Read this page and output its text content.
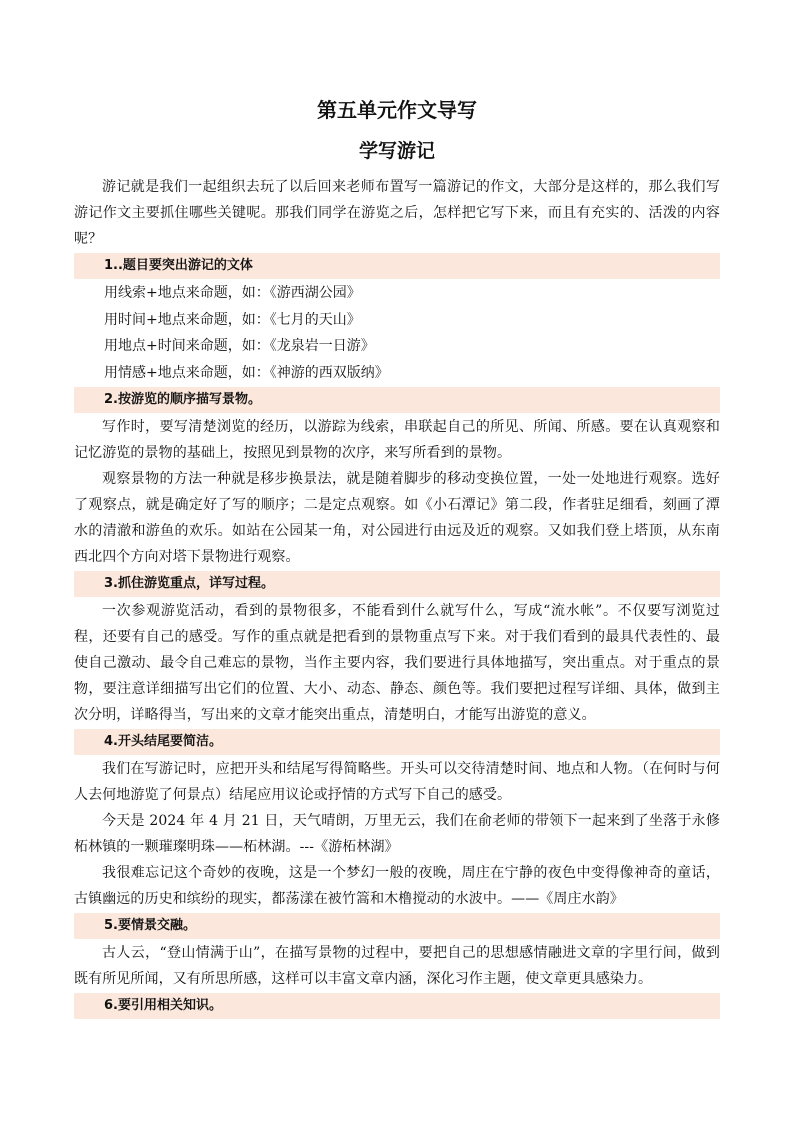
第五单元作文导写
学写游记

游记就是我们一起组织去玩了以后回来老师布置写一篇游记的作文，大部分是这样的，那么我们写游记作文主要抓住哪些关键呢。那我们同学在游览之后，怎样把它写下来，而且有充实的、活泼的内容呢？

1..题目要突出游记的文体

用线索+地点来命题，如：《游西湖公园》

用时间+地点来命题，如：《七月的天山》

用地点+时间来命题，如：《龙泉岩一日游》

用情感+地点来命题，如：《神游的西双版纳》

2.按游览的顺序描写景物。

写作时，要写清楚浏览的经历，以游踪为线索，串联起自己的所见、所闻、所感。要在认真观察和记忆游览的景物的基础上，按照见到景物的次序，来写所看到的景物。

观察景物的方法一种就是移步换景法，就是随着脚步的移动变换位置，一处一处地进行观察。选好了观察点，就是确定好了写的顺序；二是定点观察。如《小石潭记》第二段，作者驻足细看，刻画了潭水的清澈和游鱼的欢乐。如站在公园某一角，对公园进行由远及近的观察。又如我们登上塔顶，从东南西北四个方向对塔下景物进行观察。

3.抓住游览重点，详写过程。

一次参观游览活动，看到的景物很多，不能看到什么就写什么，写成“流水帐”。不仅要写浏览过程，还要有自己的感受。写作的重点就是把看到的景物重点写下来。对于我们看到的最具代表性的、最使自己激动、最令自己难忘的景物，当作主要内容，我们要进行具体地描写，突出重点。对于重点的景物，要注意详细描写出它们的位置、大小、动态、静态、颜色等。我们要把过程写详细、具体，做到主次分明，详略得当，写出来的文章才能突出重点，清楚明白，才能写出游览的意义。

4.开头结尾要简洁。

我们在写游记时，应把开头和结尾写得简略些。开头可以交待清楚时间、地点和人物。（在何时与何人去何地游览了何景点）结尾应用议论或抒情的方式写下自己的感受。

今天是 2024 年 4 月 21 日，天气晴朗，万里无云，我们在俞老师的带领下一起来到了坐落于永修柘林镇的一颗璀璨明珠——柘林湖。---《游柘林湖》

我很难忘记这个奇妙的夜晚，这是一个梦幻一般的夜晚，周庄在宁静的夜色中变得像神奇的童话，古镇幽远的历史和缤纷的现实，都荡漾在被竹篙和木橹搅动的水波中。——《周庄水韵》

5.要情景交融。

古人云，“登山情满于山”，在描写景物的过程中，要把自己的思想感情融进文章的字里行间，做到既有所见所闻，又有所思所感，这样可以丰富文章内涵，深化习作主题，使文章更具感染力。

6.要引用相关知识。
